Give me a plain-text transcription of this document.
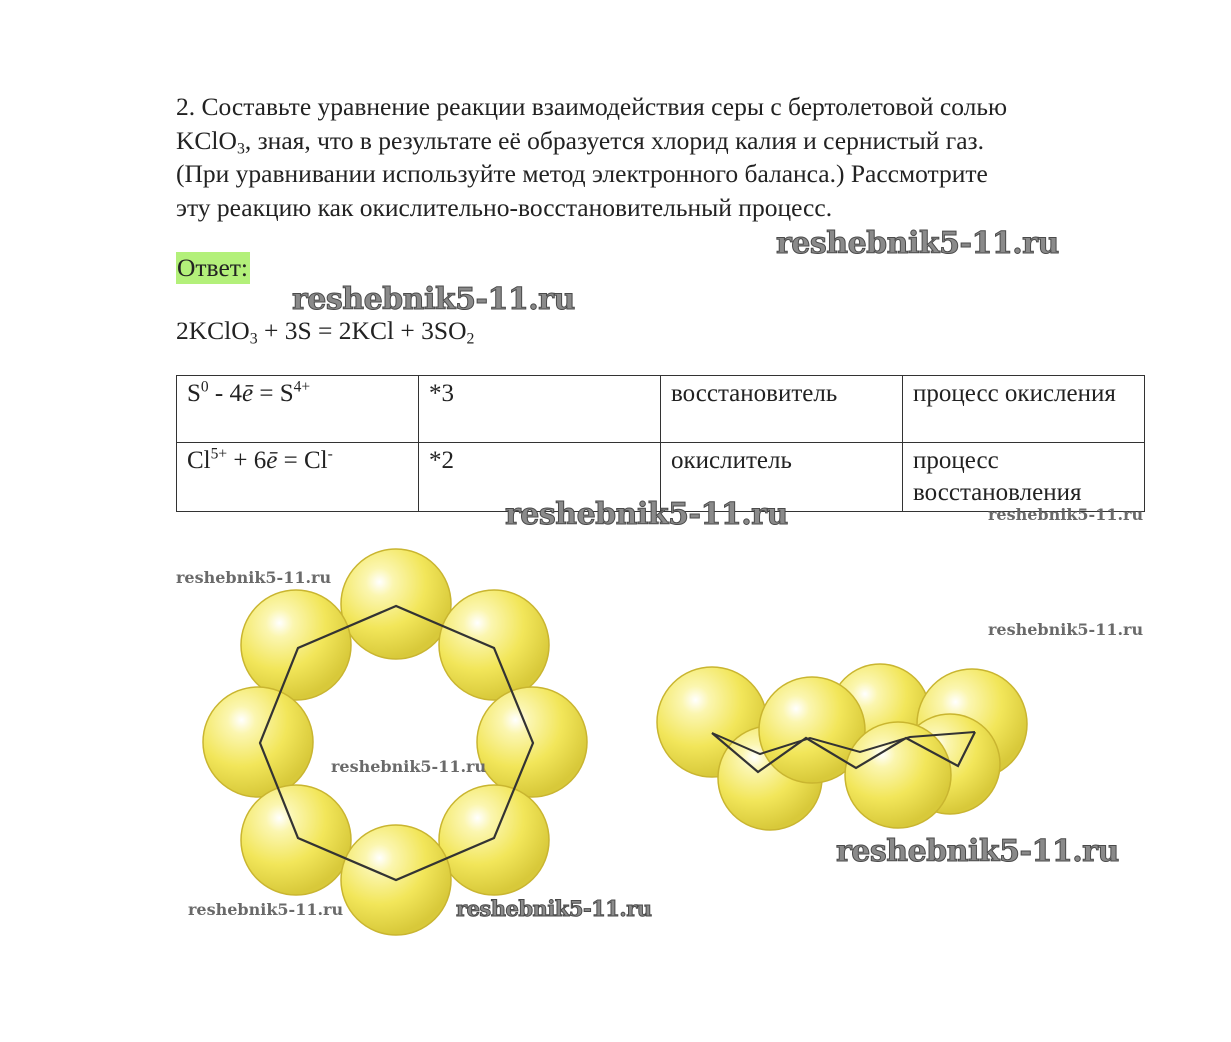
2. Составьте уравнение реакции взаимодействия серы с бертолетовой солью
KClO$_3$, зная, что в результате её образуется хлорид калия и сернистый газ.
(При уравнивании используйте метод электронного баланса.) Рассмотрите
эту реакцию как окислительно-восстановительный процесс.
Ответ:
2KClO$_3$ + $3S = 2KCl + 3SO_2$
$S^0$ - 4ē = $S^{4+}$	*3	восстановитель	процесс окисления
$Cl^{5+}$ + 6ē = Cl-	*2	окислитель	процесс восстановления
reshebnik5-11.ru
reshebnik5-11.ru
reshebnik5-11.ru	reshebnik5-11.ru
reshebnik5-11.ru
reshebnik5-11.ru
reshebnik5-11.ru
reshebnik5-11.ru
reshebnik5-11.ru	reshebnik5-11.ru
